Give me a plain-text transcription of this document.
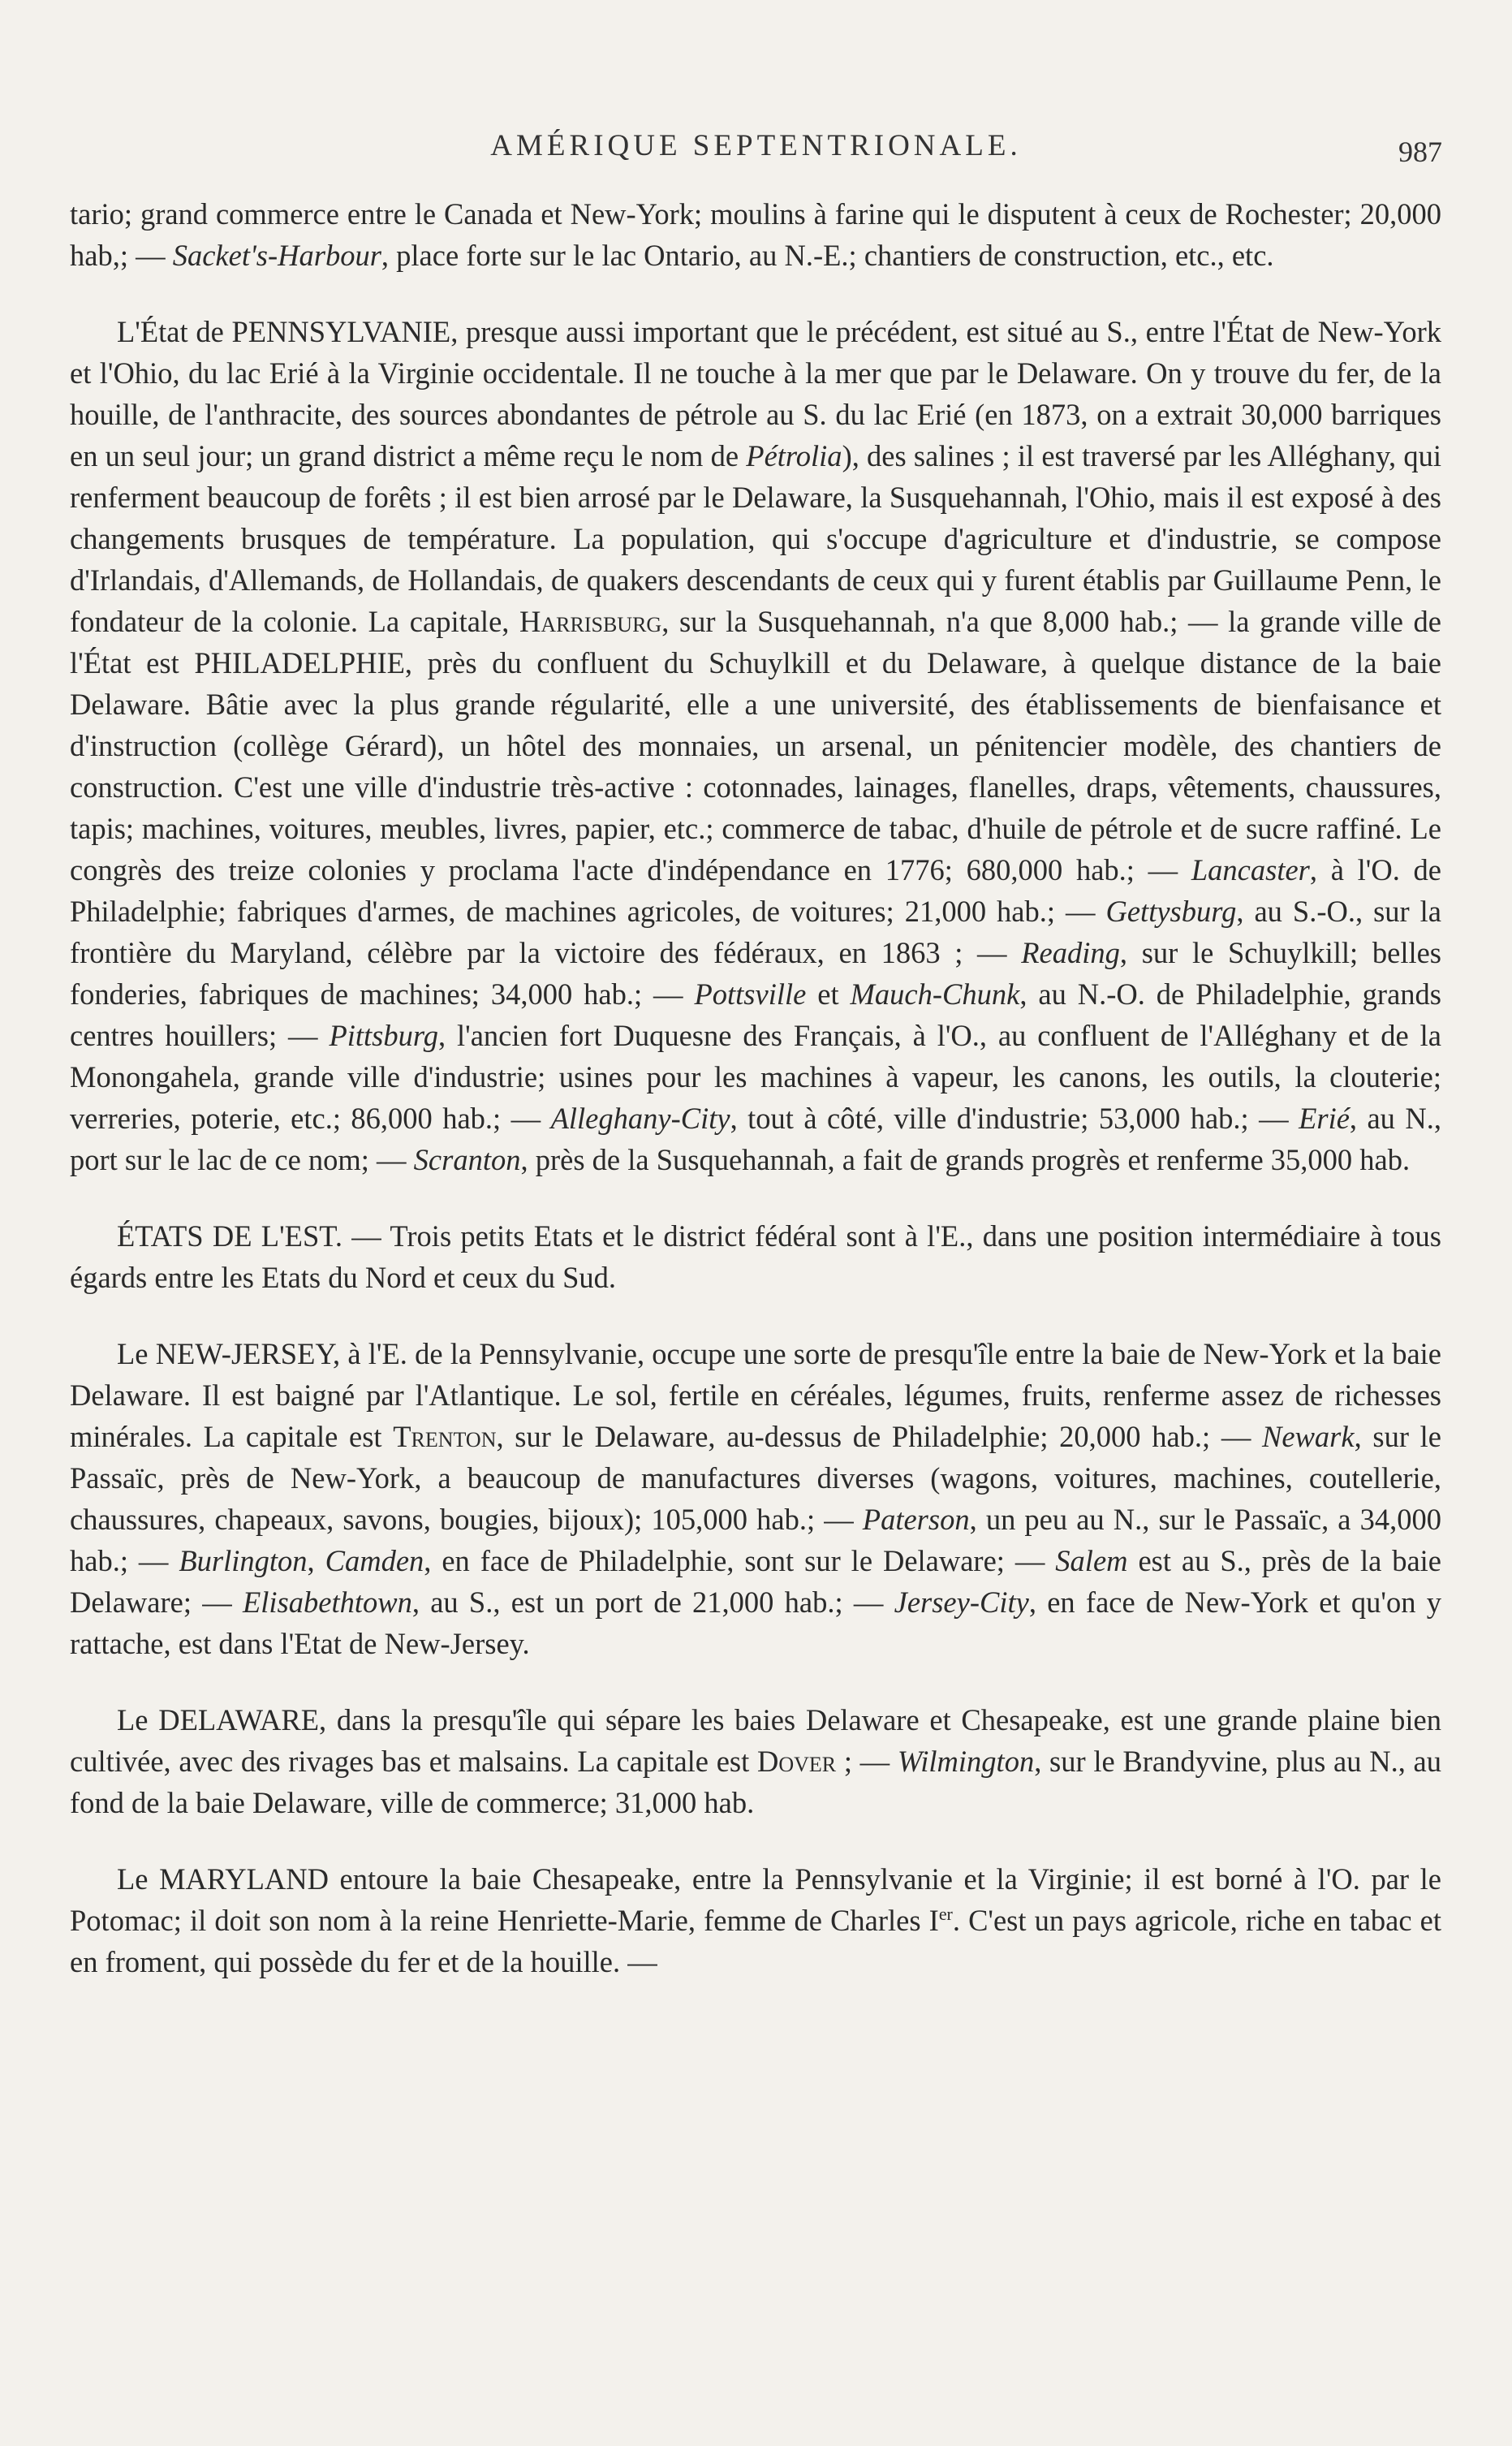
AMÉRIQUE SEPTENTRIONALE.	987

tario; grand commerce entre le Canada et New-York; moulins à farine qui le disputent à ceux de Rochester; 20,000 hab,; — Sacket's-Harbour, place forte sur le lac Ontario, au N.-E.; chantiers de construction, etc., etc.

L'État de PENNSYLVANIE, presque aussi important que le précédent, est situé au S., entre l'État de New-York et l'Ohio, du lac Erié à la Virginie occidentale. Il ne touche à la mer que par le Delaware. On y trouve du fer, de la houille, de l'anthracite, des sources abondantes de pétrole au S. du lac Erié (en 1873, on a extrait 30,000 barriques en un seul jour; un grand district a même reçu le nom de Pétrolia), des salines ; il est traversé par les Alléghany, qui renferment beaucoup de forêts ; il est bien arrosé par le Delaware, la Susquehannah, l'Ohio, mais il est exposé à des changements brusques de température. La population, qui s'occupe d'agriculture et d'industrie, se compose d'Irlandais, d'Allemands, de Hollandais, de quakers descendants de ceux qui y furent établis par Guillaume Penn, le fondateur de la colonie. La capitale, Harrisburg, sur la Susquehannah, n'a que 8,000 hab.; — la grande ville de l'État est PHILADELPHIE, près du confluent du Schuylkill et du Delaware, à quelque distance de la baie Delaware. Bâtie avec la plus grande régularité, elle a une université, des établissements de bienfaisance et d'instruction (collège Gérard), un hôtel des monnaies, un arsenal, un pénitencier modèle, des chantiers de construction. C'est une ville d'industrie très-active : cotonnades, lainages, flanelles, draps, vêtements, chaussures, tapis; machines, voitures, meubles, livres, papier, etc.; commerce de tabac, d'huile de pétrole et de sucre raffiné. Le congrès des treize colonies y proclama l'acte d'indépendance en 1776; 680,000 hab.; — Lancaster, à l'O. de Philadelphie; fabriques d'armes, de machines agricoles, de voitures; 21,000 hab.; — Gettysburg, au S.-O., sur la frontière du Maryland, célèbre par la victoire des fédéraux, en 1863 ; — Reading, sur le Schuylkill; belles fonderies, fabriques de machines; 34,000 hab.; — Pottsville et Mauch-Chunk, au N.-O. de Philadelphie, grands centres houillers; — Pittsburg, l'ancien fort Duquesne des Français, à l'O., au confluent de l'Alléghany et de la Monongahela, grande ville d'industrie; usines pour les machines à vapeur, les canons, les outils, la clouterie; verreries, poterie, etc.; 86,000 hab.; — Alleghany-City, tout à côté, ville d'industrie; 53,000 hab.; — Erié, au N., port sur le lac de ce nom; — Scranton, près de la Susquehannah, a fait de grands progrès et renferme 35,000 hab.

ÉTATS DE L'EST. — Trois petits Etats et le district fédéral sont à l'E., dans une position intermédiaire à tous égards entre les Etats du Nord et ceux du Sud.

Le NEW-JERSEY, à l'E. de la Pennsylvanie, occupe une sorte de presqu'île entre la baie de New-York et la baie Delaware. Il est baigné par l'Atlantique. Le sol, fertile en céréales, légumes, fruits, renferme assez de richesses minérales. La capitale est Trenton, sur le Delaware, au-dessus de Philadelphie; 20,000 hab.; — Newark, sur le Passaïc, près de New-York, a beaucoup de manufactures diverses (wagons, voitures, machines, coutellerie, chaussures, chapeaux, savons, bougies, bijoux); 105,000 hab.; — Paterson, un peu au N., sur le Passaïc, a 34,000 hab.; — Burlington, Camden, en face de Philadelphie, sont sur le Delaware; — Salem est au S., près de la baie Delaware; — Elisabethtown, au S., est un port de 21,000 hab.; — Jersey-City, en face de New-York et qu'on y rattache, est dans l'Etat de New-Jersey.

Le DELAWARE, dans la presqu'île qui sépare les baies Delaware et Chesapeake, est une grande plaine bien cultivée, avec des rivages bas et malsains. La capitale est Dover ; — Wilmington, sur le Brandyvine, plus au N., au fond de la baie Delaware, ville de commerce; 31,000 hab.

Le MARYLAND entoure la baie Chesapeake, entre la Pennsylvanie et la Virginie; il est borné à l'O. par le Potomac; il doit son nom à la reine Henriette-Marie, femme de Charles Ier. C'est un pays agricole, riche en tabac et en froment, qui possède du fer et de la houille. —
